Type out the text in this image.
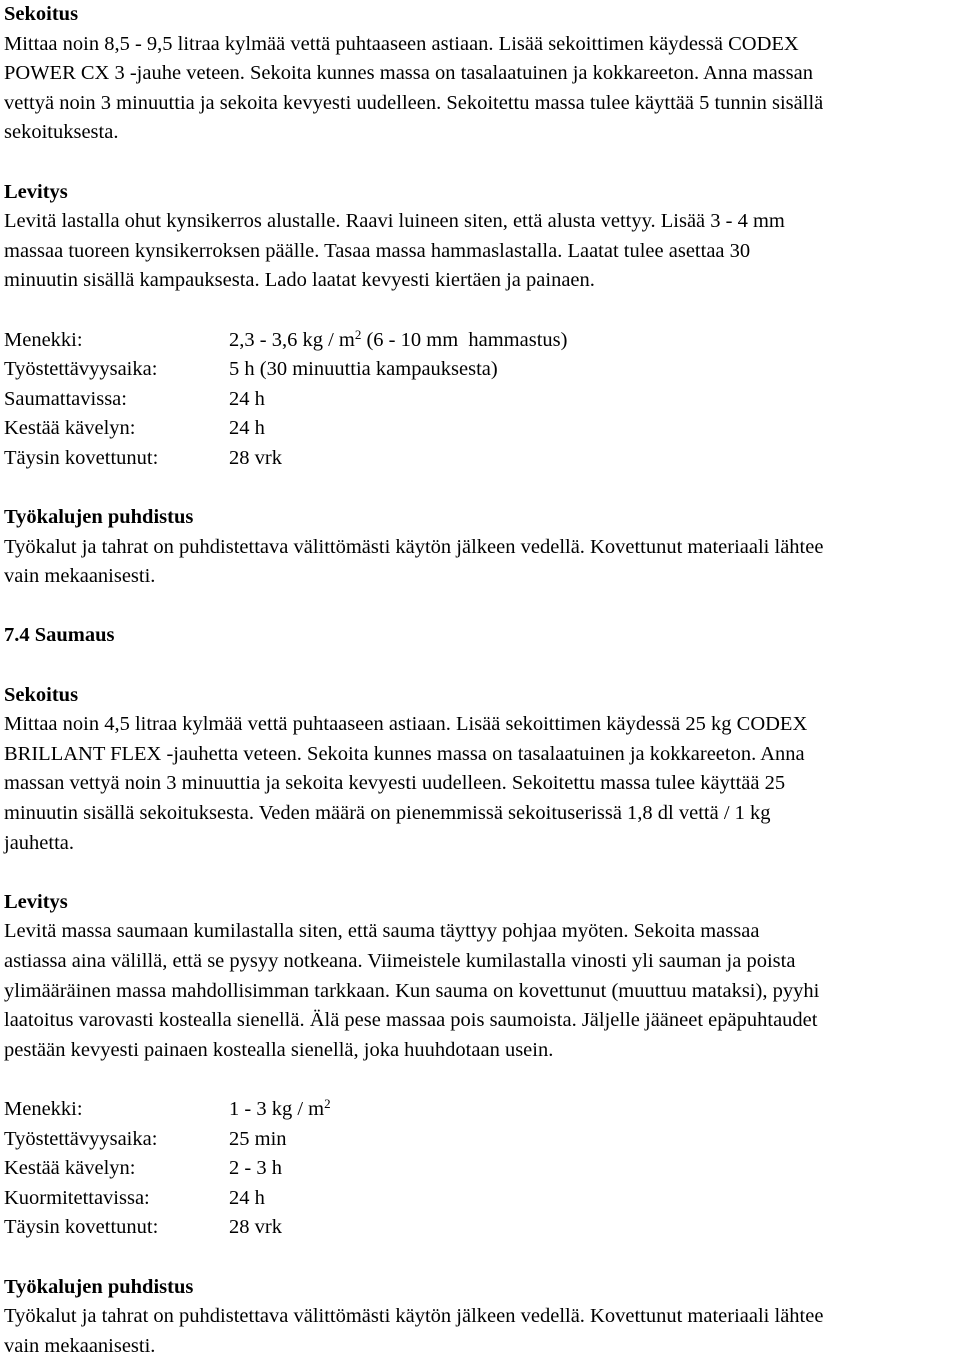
Sekoitus
Mittaa noin 8,5 - 9,5 litraa kylmää vettä puhtaaseen astiaan. Lisää sekoittimen käydessä CODEX
POWER CX 3 -jauhe veteen. Sekoita kunnes massa on tasalaatuinen ja kokkareeton. Anna massan
vettyä noin 3 minuuttia ja sekoita kevyesti uudelleen. Sekoitettu massa tulee käyttää 5 tunnin sisällä
sekoituksesta.
Levitys
Levitä lastalla ohut kynsikerros alustalle. Raavi luineen siten, että alusta vettyy. Lisää 3 - 4 mm
massaa tuoreen kynsikerroksen päälle. Tasaa massa hammaslastalla. Laatat tulee asettaa 30
minuutin sisällä kampauksesta. Lado laatat kevyesti kiertäen ja painaen.
Menekki:	2,3 - 3,6 kg / $m^2$ (6 - 10 mm  hammastus)
Työstettävyysaika:	5 h (30 minuuttia kampauksesta)
Saumattavissa:	24 h
Kestää kävelyn:	24 h
Täysin kovettunut:	28 vrk
Työkalujen puhdistus
Työkalut ja tahrat on puhdistettava välittömästi käytön jälkeen vedellä. Kovettunut materiaali lähtee
vain mekaanisesti.
7.4 Saumaus
Sekoitus
Mittaa noin 4,5 litraa kylmää vettä puhtaaseen astiaan. Lisää sekoittimen käydessä 25 kg CODEX
BRILLANT FLEX -jauhetta veteen. Sekoita kunnes massa on tasalaatuinen ja kokkareeton. Anna
massan vettyä noin 3 minuuttia ja sekoita kevyesti uudelleen. Sekoitettu massa tulee käyttää 25
minuutin sisällä sekoituksesta. Veden määrä on pienemmissä sekoituserissä 1,8 dl vettä / 1 kg
jauhetta.
Levitys
Levitä massa saumaan kumilastalla siten, että sauma täyttyy pohjaa myöten. Sekoita massaa
astiassa aina välillä, että se pysyy notkeana. Viimeistele kumilastalla vinosti yli sauman ja poista
ylimääräinen massa mahdollisimman tarkkaan. Kun sauma on kovettunut (muuttuu mataksi), pyyhi
laatoitus varovasti kostealla sienellä. Älä pese massaa pois saumoista. Jäljelle jääneet epäpuhtaudet
pestään kevyesti painaen kostealla sienellä, joka huuhdotaan usein.
Menekki:	1 - 3 kg / $m^2$
Työstettävyysaika:	25 min
Kestää kävelyn:	2 - 3 h
Kuormitettavissa:	24 h
Täysin kovettunut:	28 vrk
Työkalujen puhdistus
Työkalut ja tahrat on puhdistettava välittömästi käytön jälkeen vedellä. Kovettunut materiaali lähtee
vain mekaanisesti.
